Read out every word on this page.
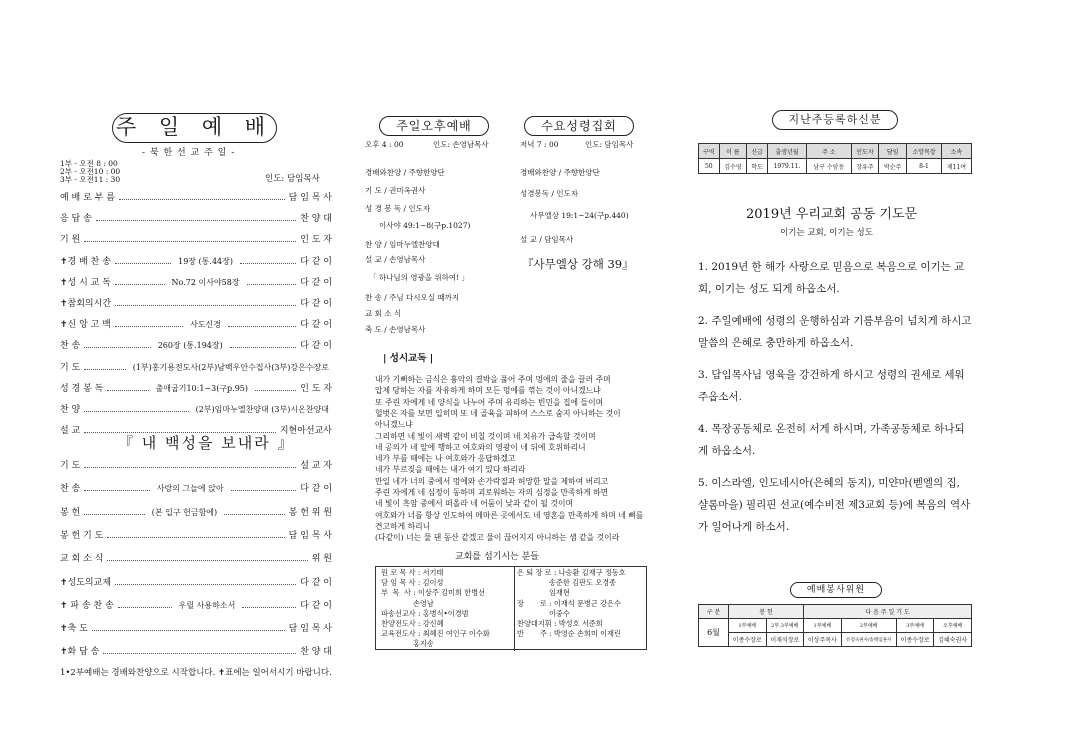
주 일 예 배
- 북 한 선 교 주 일 -
1부 - 오전 8 : 00
2부 - 오전10 : 00
3부 - 오전11 : 30	인도: 담임목사
예 배 로 부 름	담 임 목 사
응 답 송	찬 양 대
기 원	인 도 자
✝경 배 찬 송	19장 (통.44장)	다 같 이
✝성 시 교 독	No.72 이사야58장	다 같 이
✝참회의시간	다 같 이
✝신 앙 고 백	사도신경	다 같 이
찬 송	260장 (통.194장)	다 같 이
기 도	(1부)홍기용전도사(2부)남백우안수집사(3부)강은수장로
성 경 봉 독	출애굽기10:1~3(구p.95)	인 도 자
찬 양	(2부)임마누엘찬양대 (3부)시온찬양대
설 교	지현아선교사
『 내 백성을 보내라 』
기 도	설 교 자
찬 송	사랑의 그늘에 앉아	다 같 이
봉 헌	(본 입구 헌금함에)	봉 헌 위 원
봉 헌 기 도	담 임 목 사
교 회 소 식	위 원
✝성도의교제	다 같 이
✝ 파 송 찬 송	우릴 사용하소서	다 같 이
✝축 도	담 임 목 사
✝화 답 송	찬 양 대
1•2부예배는 경배와찬양으로 시작합니다. ✝표에는 일어서시기 바랍니다.
주일오후예배
오후 4 : 00	인도: 손영남목사
경배와찬양 / 주향한양단
기 도 / 권미옥권사
성 경 봉 독 / 인도자
이사야 49:1~8(구p.1027)
찬 양 / 임마누엘찬양대
설 교 / 손영남목사
「 하나님의 영광을 위하여! 」
찬 송 / 주님 다시오실 때까지
교 회 소 식
축 도 / 손영남목사
수요성령집회
저녁 7 : 00	인도: 담임목사
경배와찬양 / 주향한양단
성경봉독 / 인도자
사무엘상 19:1~24(구p.440)
설 교 / 담임목사
『사무엘상 강해 39』
| 성시교독 |
내가 기뻐하는 금식은 흉악의 결박을 풀어 주며 멍에의 줄을 끌러 주며
압제 당하는 자를 자유하게 하며 모든 멍에를 꺾는 것이 아니겠느냐
또 주린 자에게 네 양식을 나누어 주며 유리하는 빈민을 집에 들이며
헐벗은 자를 보면 입히며 또 네 골육을 피하여 스스로 숨지 아니하는 것이
아니겠느냐
그리하면 네 빛이 새벽 같이 비칠 것이며 네 치유가 급속할 것이며
네 공의가 네 앞에 행하고 여호와의 영광이 네 뒤에 호위하리니
네가 부를 때에는 나 여호와가 응답하겠고
네가 부르짖을 때에는 내가 여기 있다 하리라
만일 네가 너의 중에서 멍에와 손가락질과 허망한 말을 제하여 버리고
주린 자에게 네 심정이 동하며 괴로워하는 자의 심정을 만족하게 하면
네 빛이 흑암 중에서 떠올라 네 어둠이 낮과 같이 될 것이며
여호와가 너를 항상 인도하여 메마른 곳에서도 네 영혼을 만족하게 하며 네 뼈를
견고하게 하리니
(다같이) 너는 물 댄 동산 같겠고 물이 끊어지지 아니하는 샘 같을 것이라
교회를 섬기시는 분들
원 로 목 사 : 서기태
담 임 목 사 : 김이성
부  목  사 : 이상주 김미희 한병선
손영남
파송선교사 : 홍병식•이경범
찬양전도사 : 강신혜
교육전도사 : 최혜진 여인구 이수화
홍지송
은 퇴 장 로 : 나승환 김재구 정동호
송준한 김판도 오경종
임재현
장       로 : 이재석 문병근 강은수
이중수
찬양대지휘 : 박성호 서준희
반       주 : 박영순 손희미 이재린
지난주등록하신분
구역	이 름	신급	출생년월	주 소	인도자	담임	소망목장	소속
50	김수영	학도	1979.11.	남구 수암동	장유주	박순주	8-1	제11여
2019년 우리교회 공동 기도문
이기는 교회, 이기는 성도
1. 2019년 한 해가 사랑으로 믿음으로 복음으로 이기는 교회, 이기는 성도 되게 하옵소서.
2. 주일예배에 성령의 운행하심과 기름부음이 넘치게 하시고 말씀의 은혜로 충만하게 하옵소서.
3. 담임목사님 영육을 강건하게 하시고 성령의 권세로 세워 주옵소서.
4. 목장공동체로 온전히 서게 하시며, 가족공동체로 하나되게 하옵소서.
5. 이스라엘, 인도네시아(은혜의 동지), 미얀마(벧엘의 집, 샬롬마을) 필리핀 선교(예수비전 제3교회 등)에 복음의 역사가 일어나게 하소서.
예배봉사위원
구 분	봉 헌		다 음 주 일 기 도			
6월	1부예배	2부,3부예배	1부예배	2부예배	3부예배	오후예배
	이종수장로	이재석장로	이상주목사	유점숙권사/송태임권사	이종수장로	김혜숙권사
